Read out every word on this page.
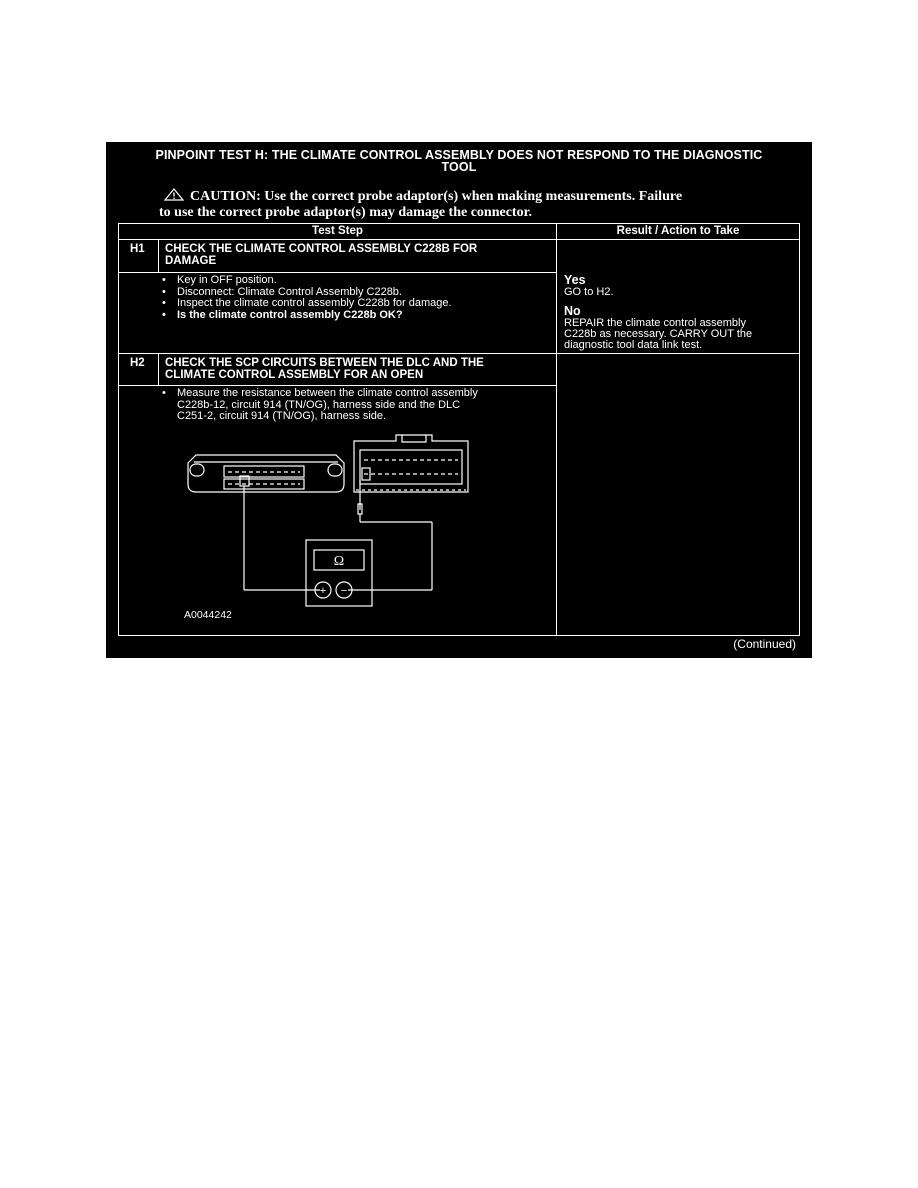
PINPOINT TEST H: THE CLIMATE CONTROL ASSEMBLY DOES NOT RESPOND TO THE DIAGNOSTIC
TOOL
CAUTION: Use the correct probe adaptor(s) when making measurements. Failure
to use the correct probe adaptor(s) may damage the connector.
Test Step	Result / Action to Take
H1 CHECK THE CLIMATE CONTROL ASSEMBLY C228B FOR
DAMAGE
• Key in OFF position.
• Disconnect: Climate Control Assembly C228b.
• Inspect the climate control assembly C228b for damage.
• Is the climate control assembly C228b OK?
Yes
GO to H2.
No
REPAIR the climate control assembly
C228b as necessary. CARRY OUT the
diagnostic tool data link test.
H2 CHECK THE SCP CIRCUITS BETWEEN THE DLC AND THE
CLIMATE CONTROL ASSEMBLY FOR AN OPEN
• Measure the resistance between the climate control assembly
C228b-12, circuit 914 (TN/OG), harness side and the DLC
C251-2, circuit 914 (TN/OG), harness side.
Ω
+ −
A0044242
(Continued)
